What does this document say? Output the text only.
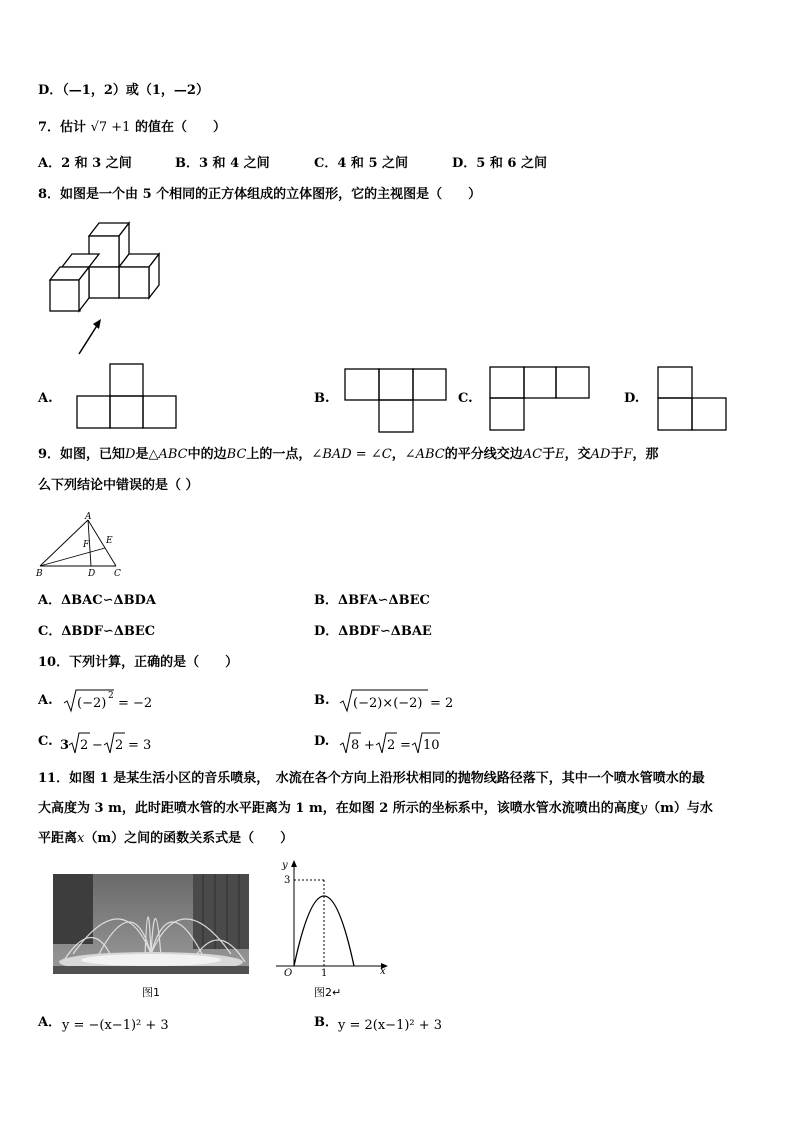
D．（—1，2）或（1，—2）
7．估计 √7 +1 的值在（　　）
A．2 和 3 之间	B．3 和 4 之间	C．4 和 5 之间	D．5 和 6 之间
8．如图是一个由 5 个相同的正方体组成的立体图形，它的主视图是（　　）
A.	B.	C.	D.
9．如图，已知D是△ABC中的边BC上的一点，∠BAD = ∠C，∠ABC的平分线交边AC于E，交AD于F，那
么下列结论中错误的是（ ）
A
E
F
B	D C
A．ΔBAC∽ΔBDA	B．ΔBFA∽ΔBEC
C．ΔBDF∽ΔBEC	D．ΔBDF∽ΔBAE
10．下列计算，正确的是（　　）
A.
√(−2)² = −2
(−2) 2 = −2	B.
√(−2)×(−2) = 2
(−2)×(−2) = 2
C.
3√2 − √2 = 3
3 2 − 2 = 3	D.
√8 + √2 = √10
8 + 2 = 10
11．如图 1 是某生活小区的音乐喷泉，　水流在各个方向上沿形状相同的抛物线路径落下，其中一个喷水管喷水的最
大高度为 3 m，此时距喷水管的水平距离为 1 m，在如图 2 所示的坐标系中，该喷水管水流喷出的高度y（m）与水
平距离x（m）之间的函数关系式是（　　）
图1
y
3
O	1	x
图2↵
A． y = −(x−1)² + 3	B． y = 2(x−1)² + 3
